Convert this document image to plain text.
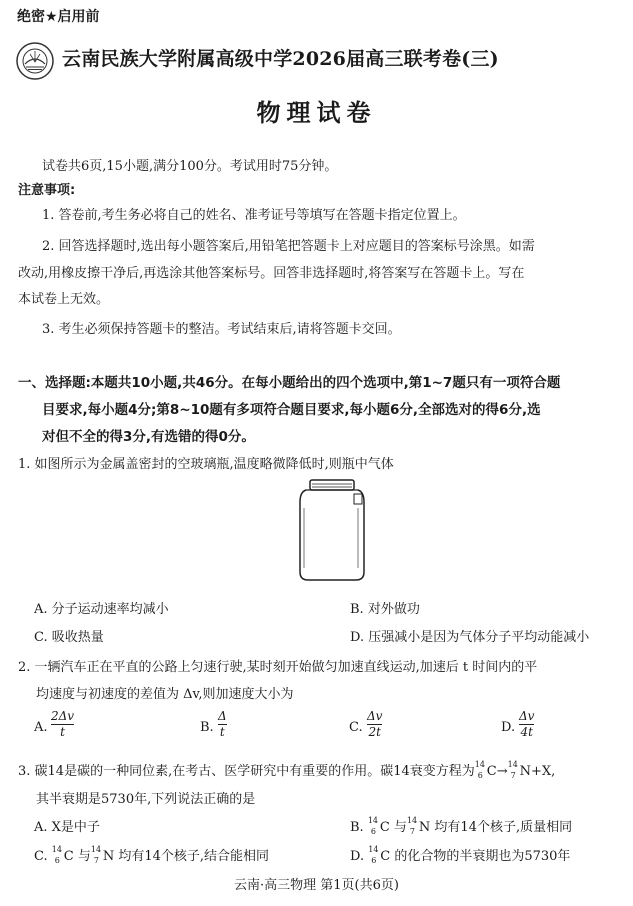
绝密★启用前
云南民族大学附属高级中学2026届高三联考卷(三)
物理试卷
试卷共6页,15小题,满分100分。考试用时75分钟。
注意事项:
1. 答卷前,考生务必将自己的姓名、准考证号等填写在答题卡指定位置上。
2. 回答选择题时,选出每小题答案后,用铅笔把答题卡上对应题目的答案标号涂黑。如需
改动,用橡皮擦干净后,再选涂其他答案标号。回答非选择题时,将答案写在答题卡上。写在
本试卷上无效。
3. 考生必须保持答题卡的整洁。考试结束后,请将答题卡交回。
一、选择题:本题共10小题,共46分。在每小题给出的四个选项中,第1~7题只有一项符合题
目要求,每小题4分;第8~10题有多项符合题目要求,每小题6分,全部选对的得6分,选
对但不全的得3分,有选错的得0分。
1. 如图所示为金属盖密封的空玻璃瓶,温度略微降低时,则瓶中气体
A. 分子运动速率均减小	B. 对外做功
C. 吸收热量	D. 压强减小是因为气体分子平均动能减小
2. 一辆汽车正在平直的公路上匀速行驶,某时刻开始做匀加速直线运动,加速后 t 时间内的平
均速度与初速度的差值为 Δv,则加速度大小为
A.
2Δv
t	B.
Δ
t	C.
Δv
2t	D.
Δv
4t
3. 碳14是碳的一种同位素,在考古、医学研究中有重要的作用。碳14衰变方程为 14
6 C→ 14
7 N+X,
其半衰期是5730年,下列说法正确的是
A. X是中子	B. 14
6 C 与 14
7 N 均有14个核子,质量相同
C. 14
6 C 与 14
7 N 均有14个核子,结合能相同	D. 14
6 C 的化合物的半衰期也为5730年
云南·高三物理 第1页(共6页)
